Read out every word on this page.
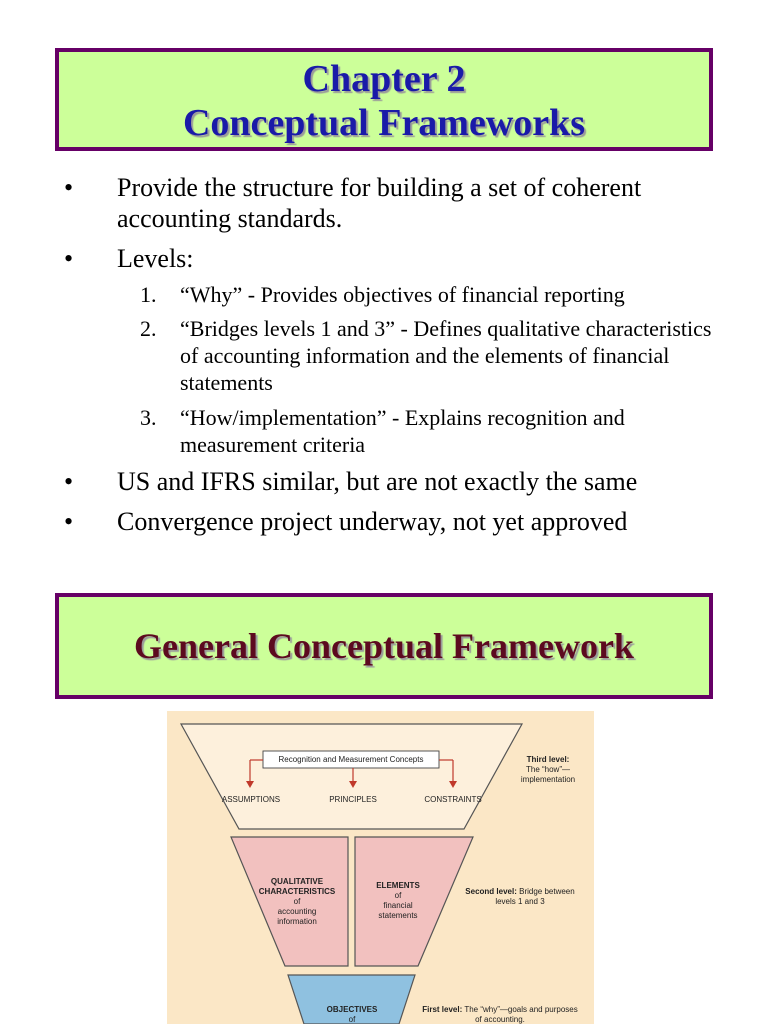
Chapter 2
Conceptual Frameworks
• Provide the structure for building a set of coherent accounting standards.
• Levels:
1.	“Why” - Provides objectives of financial reporting
2.	“Bridges levels 1 and 3” - Defines qualitative characteristics of accounting information and the elements of financial statements
3.	“How/implementation” - Explains recognition and measurement criteria
• US and IFRS similar, but are not exactly the same
• Convergence project underway, not yet approved
General Conceptual Framework
Recognition and Measurement Concepts
ASSUMPTIONS	PRINCIPLES	CONSTRAINTS
Third level:
The “how”—
implementation
QUALITATIVE
CHARACTERISTICS
of
accounting
information
ELEMENTS
of
financial
statements
Second level: Bridge between
levels 1 and 3
OBJECTIVES
of
First level: The “why”—goals and purposes
of accounting.
